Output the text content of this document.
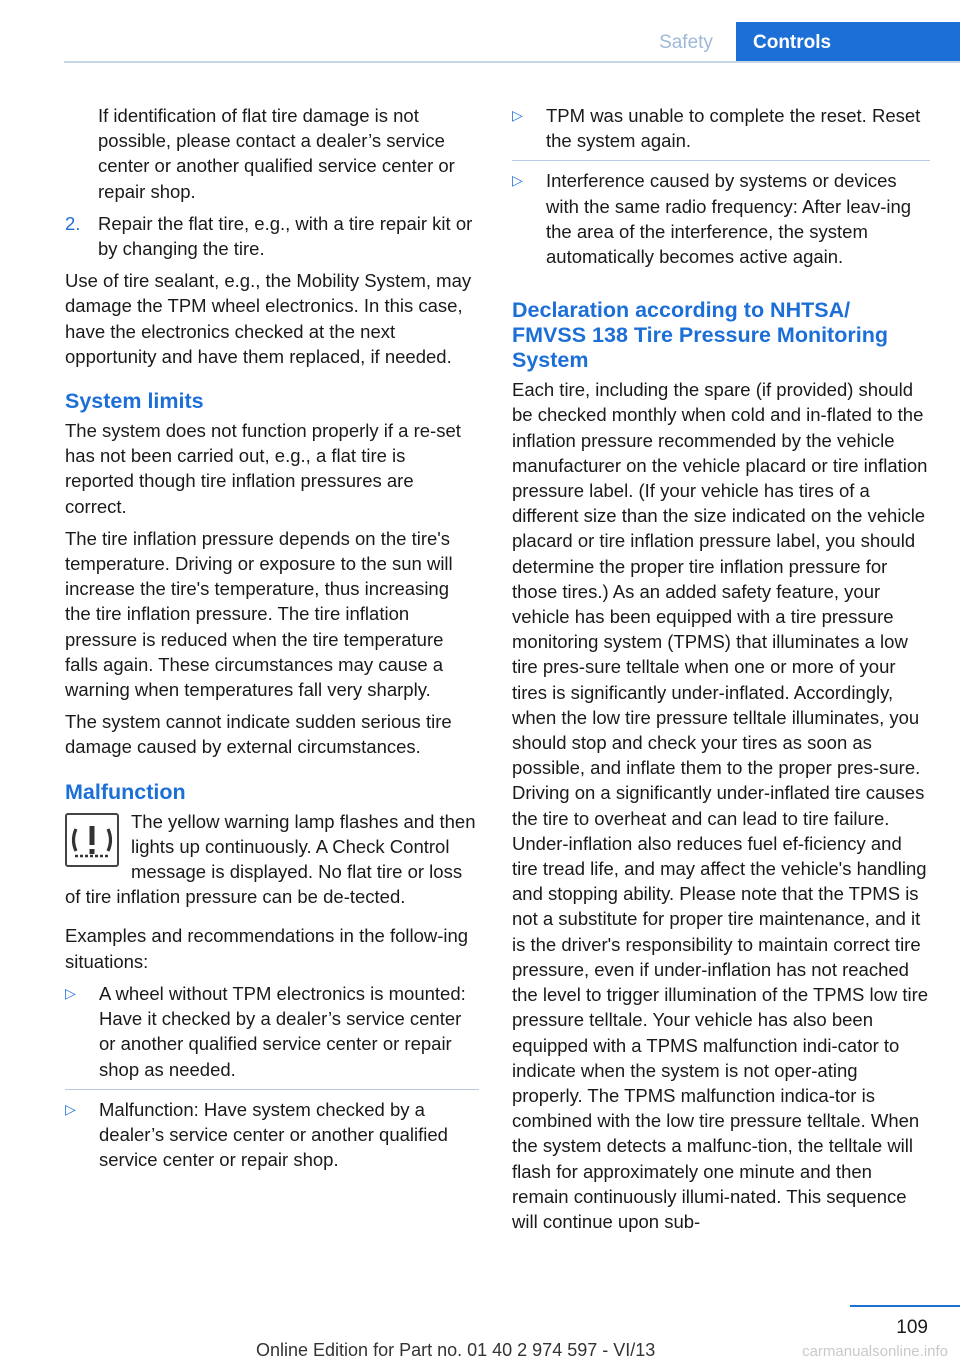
Safety	Controls

If identification of flat tire damage is not possible, please contact a dealer’s service center or another qualified service center or repair shop.

2. Repair the flat tire, e.g., with a tire repair kit or by changing the tire.

Use of tire sealant, e.g., the Mobility System, may damage the TPM wheel electronics. In this case, have the electronics checked at the next opportunity and have them replaced, if needed.

System limits

The system does not function properly if a re-set has not been carried out, e.g., a flat tire is reported though tire inflation pressures are correct.

The tire inflation pressure depends on the tire's temperature. Driving or exposure to the sun will increase the tire's temperature, thus increasing the tire inflation pressure. The tire inflation pressure is reduced when the tire temperature falls again. These circumstances may cause a warning when temperatures fall very sharply.

The system cannot indicate sudden serious tire damage caused by external circumstances.

Malfunction

The yellow warning lamp flashes and then lights up continuously. A Check Control message is displayed. No flat tire or loss of tire inflation pressure can be de-tected.

Examples and recommendations in the follow-ing situations:

▷ A wheel without TPM electronics is mounted: Have it checked by a dealer’s service center or another qualified service center or repair shop as needed.
▷ Malfunction: Have system checked by a dealer’s service center or another qualified service center or repair shop.
▷ TPM was unable to complete the reset. Reset the system again.
▷ Interference caused by systems or devices with the same radio frequency: After leav-ing the area of the interference, the system automatically becomes active again.
Declaration according to NHTSA/ FMVSS 138 Tire Pressure Monitoring System

Each tire, including the spare (if provided) should be checked monthly when cold and in-flated to the inflation pressure recommended by the vehicle manufacturer on the vehicle placard or tire inflation pressure label. (If your vehicle has tires of a different size than the size indicated on the vehicle placard or tire inflation pressure label, you should determine the proper tire inflation pressure for those tires.) As an added safety feature, your vehicle has been equipped with a tire pressure monitoring system (TPMS) that illuminates a low tire pres-sure telltale when one or more of your tires is significantly under-inflated. Accordingly, when the low tire pressure telltale illuminates, you should stop and check your tires as soon as possible, and inflate them to the proper pres-sure. Driving on a significantly under-inflated tire causes the tire to overheat and can lead to tire failure. Under-inflation also reduces fuel ef-ficiency and tire tread life, and may affect the vehicle's handling and stopping ability. Please note that the TPMS is not a substitute for proper tire maintenance, and it is the driver's responsibility to maintain correct tire pressure, even if under-inflation has not reached the level to trigger illumination of the TPMS low tire pressure telltale. Your vehicle has also been equipped with a TPMS malfunction indi-cator to indicate when the system is not oper-ating properly. The TPMS malfunction indica-tor is combined with the low tire pressure telltale. When the system detects a malfunc-tion, the telltale will flash for approximately one minute and then remain continuously illumi-nated. This sequence will continue upon sub-

109
Online Edition for Part no. 01 40 2 974 597 - VI/13	carmanualsonline.info
